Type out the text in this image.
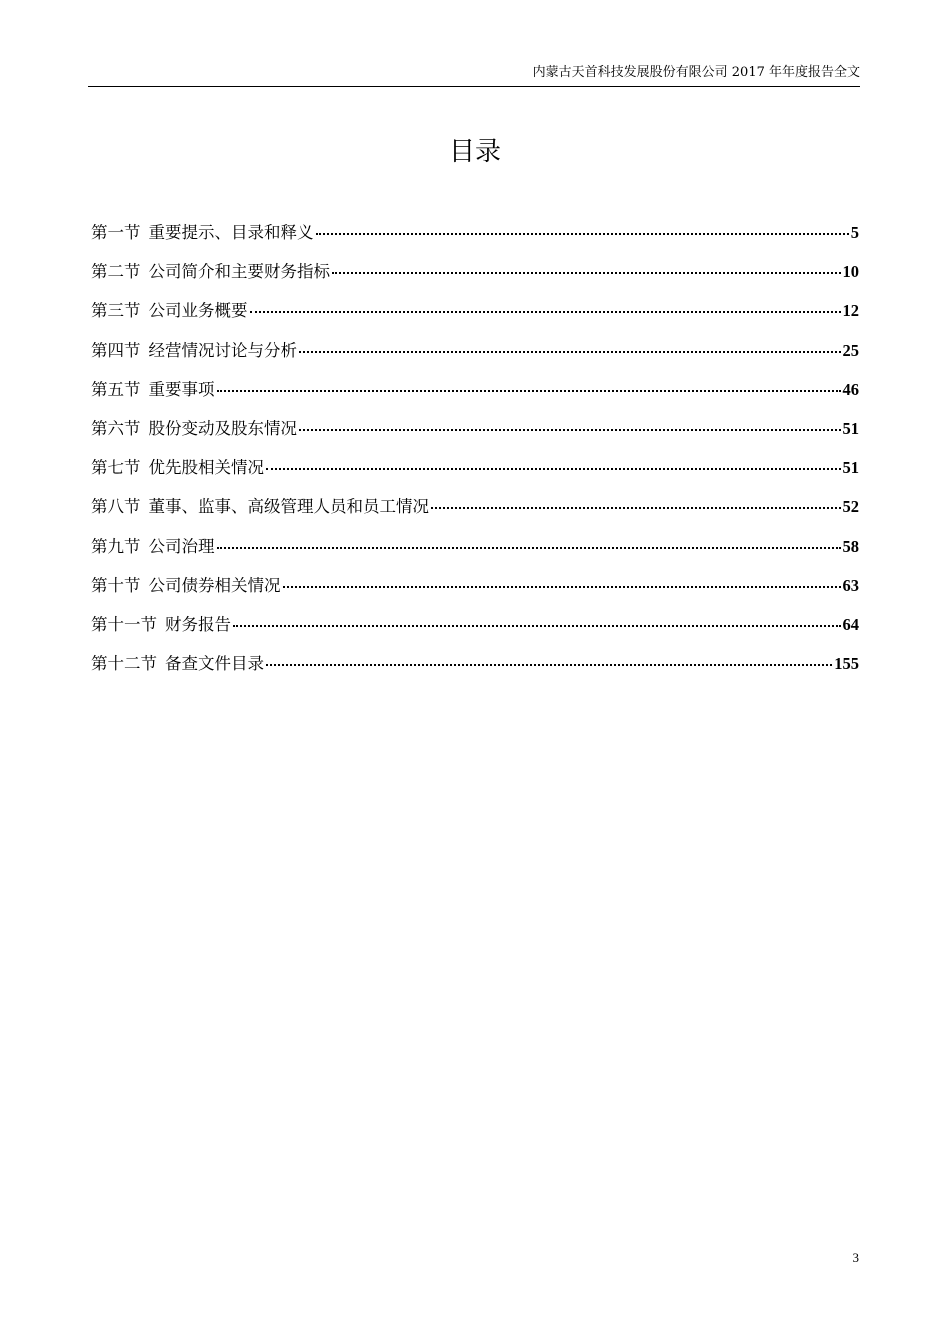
内蒙古天首科技发展股份有限公司 2017 年年度报告全文
目录
第一节 重要提示、目录和释义	5
第二节 公司简介和主要财务指标	10
第三节 公司业务概要	12
第四节 经营情况讨论与分析	25
第五节 重要事项	46
第六节 股份变动及股东情况	51
第七节 优先股相关情况	51
第八节 董事、监事、高级管理人员和员工情况	52
第九节 公司治理	58
第十节 公司债券相关情况	63
第十一节 财务报告	64
第十二节 备查文件目录	155
3
